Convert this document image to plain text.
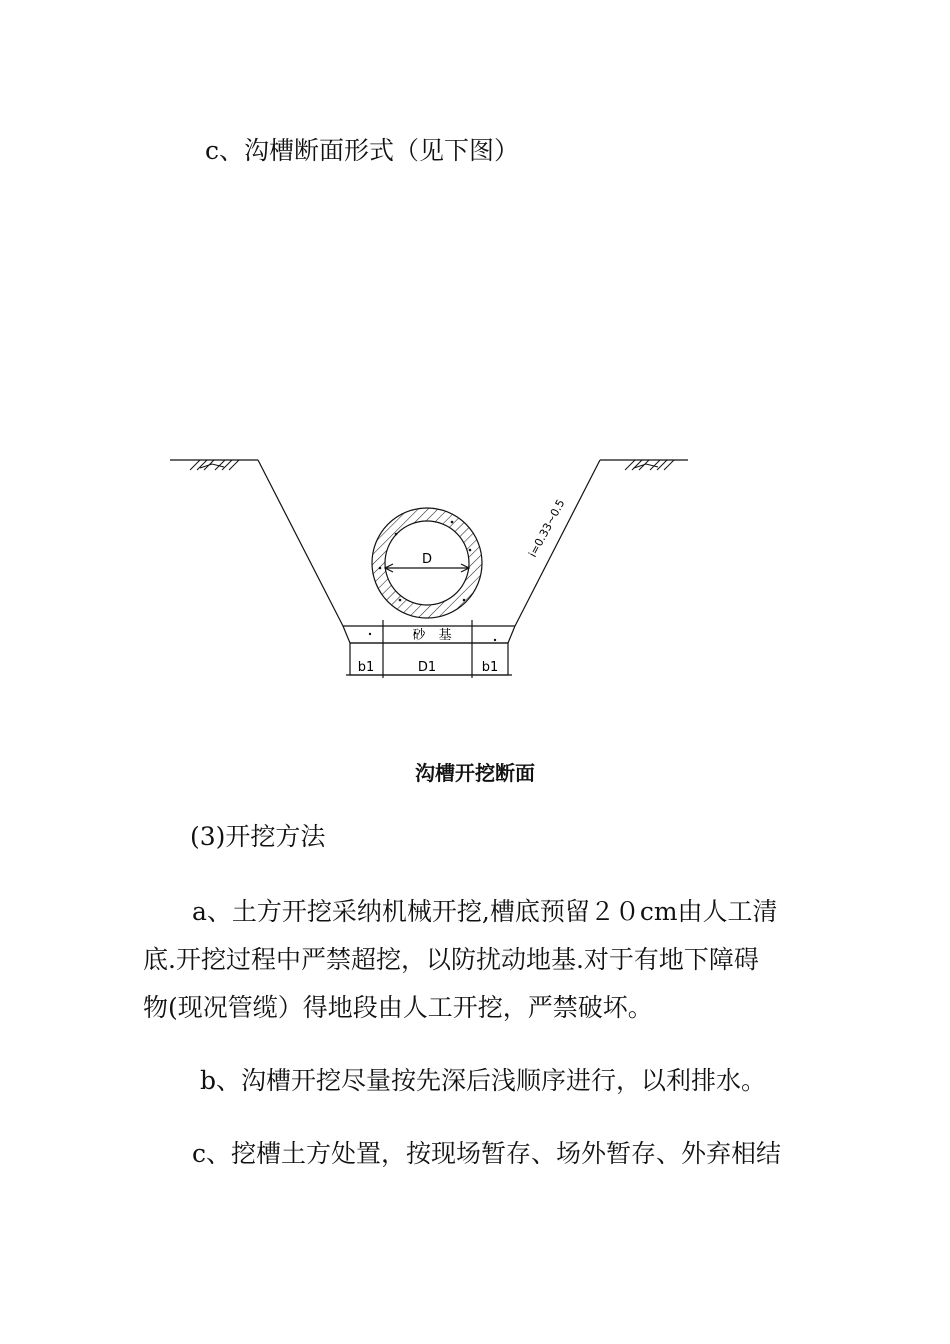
c、沟槽断面形式（见下图）
i=0.33~0.5
D
砂　基
b1	D1	b1
沟槽开挖断面
(3)开挖方法
a、土方开挖采纳机械开挖,槽底预留２０cm由人工清
底.开挖过程中严禁超挖，以防扰动地基.对于有地下障碍
物(现况管缆）得地段由人工开挖，严禁破坏。
b、沟槽开挖尽量按先深后浅顺序进行，以利排水。
c、挖槽土方处置，按现场暂存、场外暂存、外弃相结
